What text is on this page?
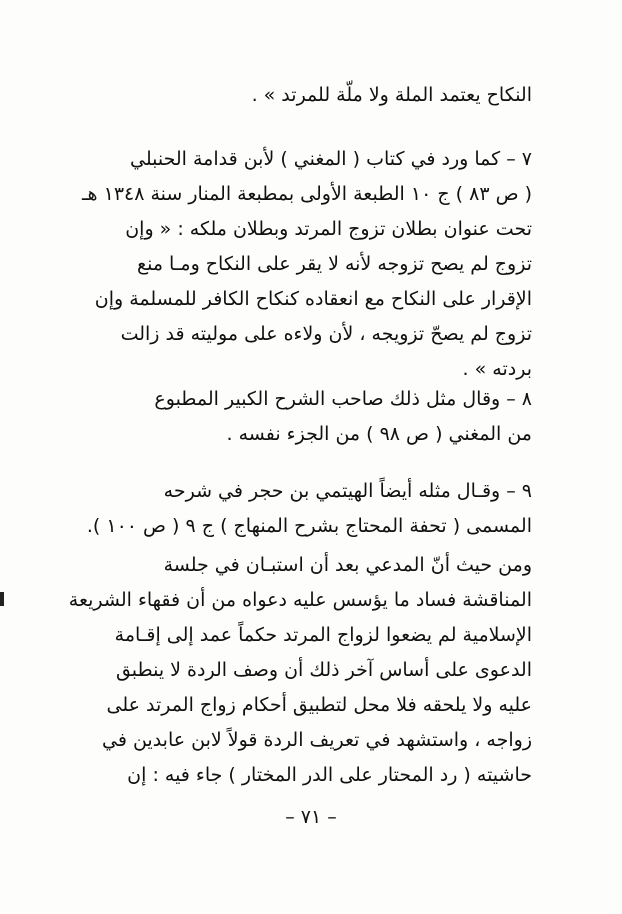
النكاح يعتمد الملة ولا ملّة للمرتد » .

٧ – كما ورد في كتاب ( المغني ) لأبن قدامة الحنبلي
( ص ٨٣ ) ج ١٠ الطبعة الأولى بمطبعة المنار سنة ١٣٤٨ هـ
تحت عنوان بطلان تزوج المرتد وبطلان ملكه : « وإن
تزوج لم يصح تزوجه لأنه لا يقر على النكاح ومـا منع
الإقرار على النكاح مع انعقاده كنكاح الكافر للمسلمة وإن
تزوج لم يصحّ تزويجه ، لأن ولاءه على موليته قد زالت
بردته » .

٨ – وقال مثل ذلك صاحب الشرح الكبير المطبوع
من المغني ( ص ٩٨ ) من الجزء نفسه .

٩ – وقـال مثله أيضاً الهيتمي بن حجر في شرحه
المسمى ( تحفة المحتاج بشرح المنهاج ) ج ٩ ( ص ١٠٠ ).

ومن حيث أنّ المدعي بعد أن استبـان في جلسة
المناقشة فساد ما يؤسس عليه دعواه من أن فقهاء الشريعة
الإسلامية لم يضعوا لزواج المرتد حكماً عمد إلى إقـامة
الدعوى على أساس آخر ذلك أن وصف الردة لا ينطبق
عليه ولا يلحقه فلا محل لتطبيق أحكام زواج المرتد على
زواجه ، واستشهد في تعريف الردة قولاً لابن عابدين في
حاشيته ( رد المحتار على الدر المختار ) جاء فيه : إن

– ٧١ –
